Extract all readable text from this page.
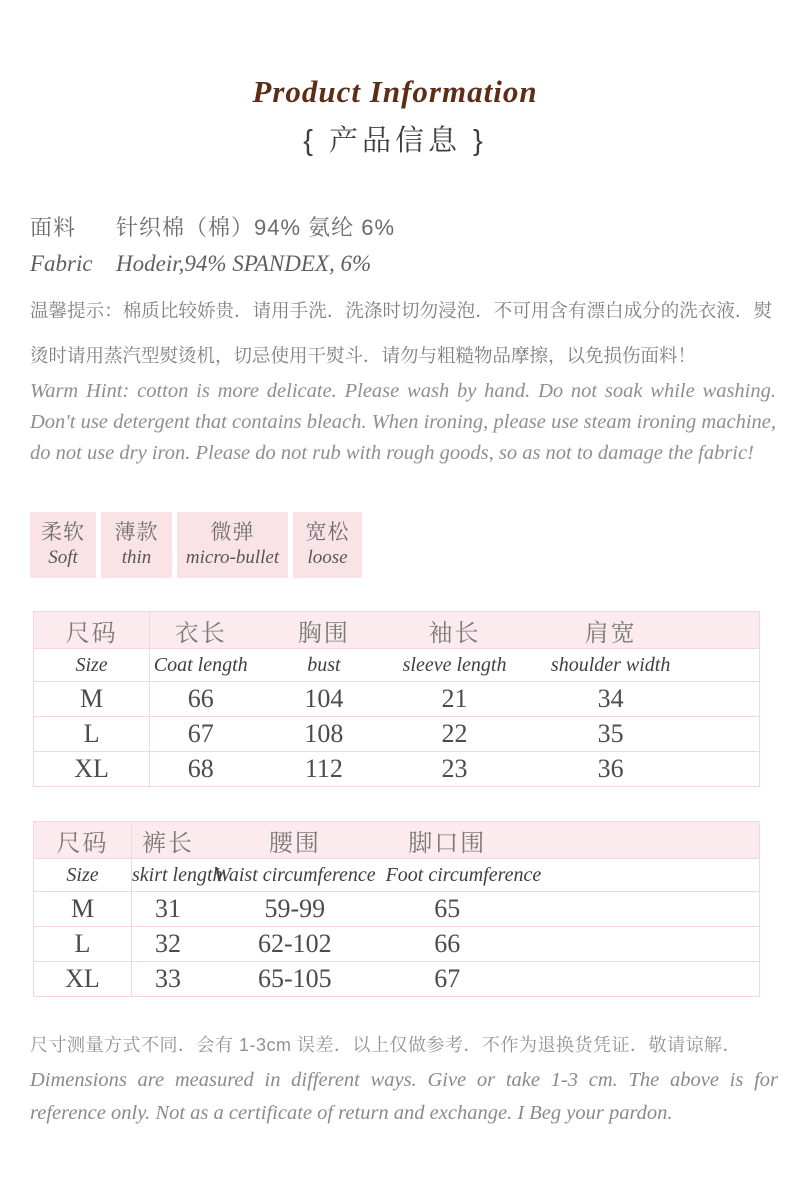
Product Information
{ 产品信息 }
面料	针织棉（棉）94% 氨纶 6%
Fabric	Hodeir,94% SPANDEX, 6%

温馨提示：棉质比较娇贵．请用手洗．洗涤时切勿浸泡．不可用含有漂白成分的洗衣液．熨烫时请用蒸汽型熨烫机，切忌使用干熨斗．请勿与粗糙物品摩擦，以免损伤面料！

Warm Hint: cotton is more delicate. Please wash by hand. Do not soak while washing. Don't use detergent that contains bleach. When ironing, please use steam ironing machine, do not use dry iron. Please do not rub with rough goods, so as not to damage the fabric!

柔软
Soft
薄款
thin
微弹
micro-bullet
宽松
loose
尺码	衣长	胸围	袖长	肩宽	
Size	Coat length	bust	sleeve length	shoulder width	
M	66	104	21	34	
L	67	108	22	35	
XL	68	112	23	36	
尺码	裤长	腰围	脚口围	
Size	skirt length	Waist circumference	Foot circumference	
M	31	59-99	65	
L	32	62-102	66	
XL	33	65-105	67	

尺寸测量方式不同．会有 1-3cm 误差．以上仅做参考．不作为退换货凭证．敬请谅解．

Dimensions are measured in different ways. Give or take 1-3 cm. The above is for reference only. Not as a certificate of return and exchange. I Beg your pardon.
